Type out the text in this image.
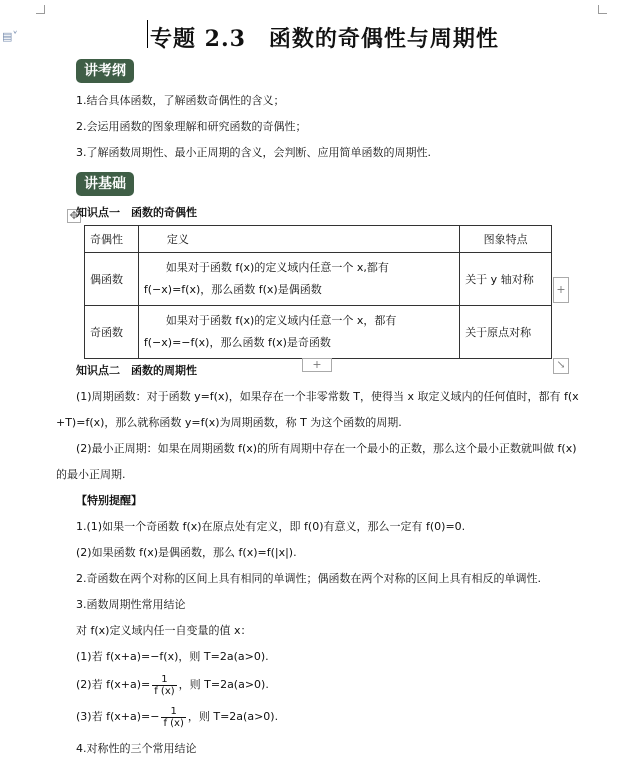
▤˅	专题 2.3　函数的奇偶性与周期性
讲考纲
1.结合具体函数，了解函数奇偶性的含义；
2.会运用函数的图象理解和研究函数的奇偶性；
3.了解函数周期性、最小正周期的含义，会判断、应用简单函数的周期性.
讲基础
✥
知识点一　函数的奇偶性
奇偶性	定义	图象特点
偶函数	如果对于函数 f(x)的定义域内任意一个 x,都有 f(−x)=f(x)，那么函数 f(x)是偶函数	关于 y 轴对称
奇函数	如果对于函数 f(x)的定义域内任意一个 x，都有 f(−x)=−f(x)，那么函数 f(x)是奇函数	关于原点对称
+
+	↘
知识点二　函数的周期性
(1)周期函数：对于函数 y=f(x)，如果存在一个非零常数 T，使得当 x 取定义域内的任何值时，都有 f(x
+T)=f(x)，那么就称函数 y=f(x)为周期函数，称 T 为这个函数的周期.
(2)最小正周期：如果在周期函数 f(x)的所有周期中存在一个最小的正数，那么这个最小正数就叫做 f(x)
的最小正周期.
【特别提醒】
1.(1)如果一个奇函数 f(x)在原点处有定义，即 f(0)有意义，那么一定有 f(0)=0.
(2)如果函数 f(x)是偶函数，那么 f(x)=f(|x|).
2.奇函数在两个对称的区间上具有相同的单调性；偶函数在两个对称的区间上具有相反的单调性.
3.函数周期性常用结论
对 f(x)定义域内任一自变量的值 x：
(1)若 f(x+a)=−f(x)，则 T=2a(a>0).
(2)若 $f(x+a)= \frac{1}{f (x)}$ ，则 T=2a(a>0).
(3)若 $f(x+a)=- \frac{1}{f (x)}$ ，则 T=2a(a>0).
4.对称性的三个常用结论
